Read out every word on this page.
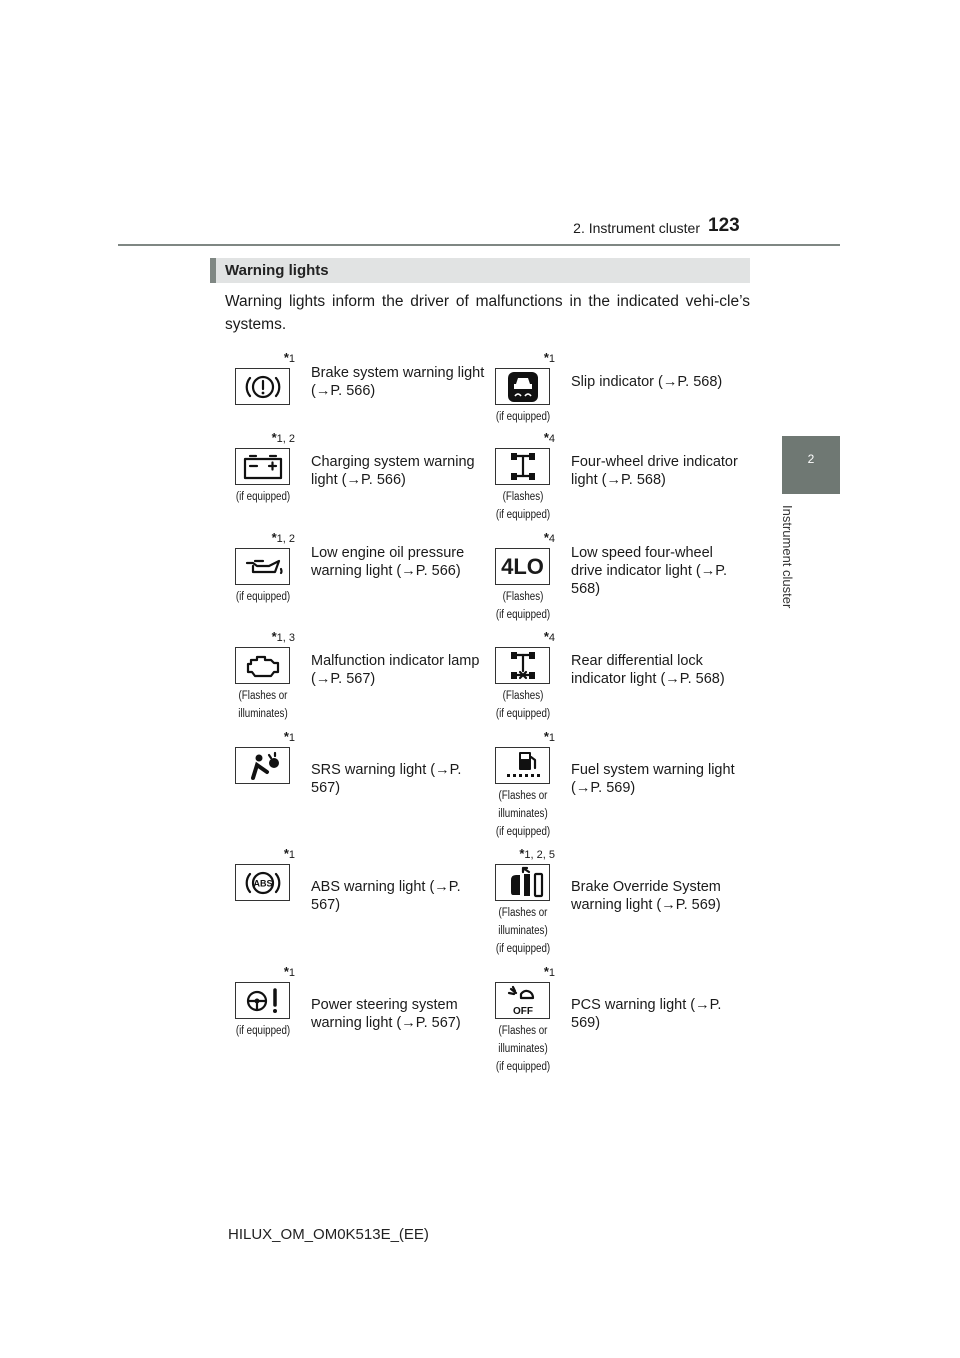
2. Instrument cluster 123
2
Instrument cluster
Warning lights
Warning lights inform the driver of malfunctions in the indicated vehi-cle’s systems.
*1
Brake system warning light (→P. 566)
*1
(if equipped)
Slip indicator (→P. 568)
*1, 2
(if equipped)
Charging system warning light (→P. 566)
*4
(Flashes)
(if equipped)
Four-wheel drive indicator light (→P. 568)
*1, 2
(if equipped)
Low engine oil pressure warning light (→P. 566)
*4
4LO
(Flashes)
(if equipped)
Low speed four-wheel drive indicator light (→P. 568)
*1, 3
(Flashes or
illuminates)
Malfunction indicator lamp (→P. 567)
*4
(Flashes)
(if equipped)
Rear differential lock indicator light (→P. 568)
*1
SRS warning light (→P. 567)
*1
(Flashes or
illuminates)
(if equipped)
Fuel system warning light (→P. 569)
*1
ABS	ABS warning light (→P. 567)
*1, 2, 5
(Flashes or
illuminates)
(if equipped)
Brake Override System warning light (→P. 569)
*1
(if equipped)
Power steering system warning light (→P. 567)
*1
OFF
(Flashes or
illuminates)
(if equipped)
PCS warning light (→P. 569)
HILUX_OM_OM0K513E_(EE)
